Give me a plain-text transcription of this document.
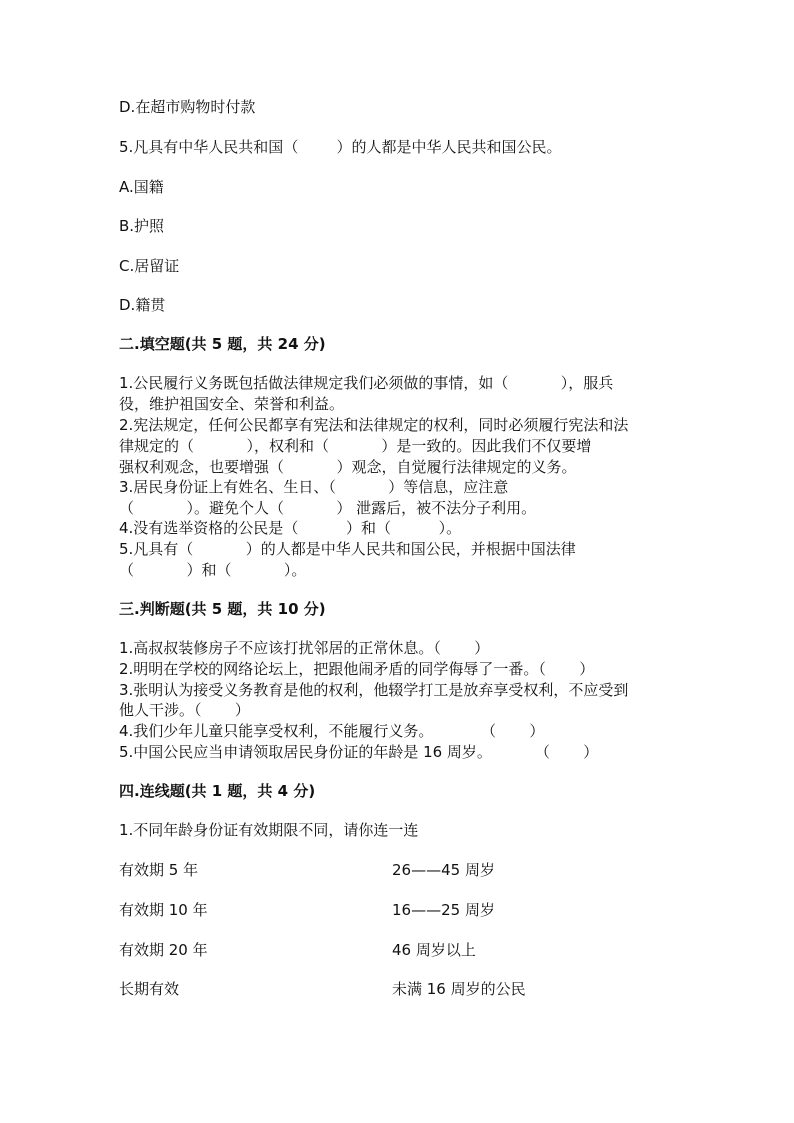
D.在超市购物时付款
5.凡具有中华人民共和国（        ）的人都是中华人民共和国公民。
A.国籍
B.护照
C.居留证
D.籍贯
二.填空题(共 5 题，共 24 分)
1.公民履行义务既包括做法律规定我们必须做的事情，如（           ），服兵
役，维护祖国安全、荣誉和利益。
2.宪法规定，任何公民都享有宪法和法律规定的权利，同时必须履行宪法和法
律规定的（           ），权利和（           ）是一致的。因此我们不仅要增
强权利观念，也要增强（           ）观念，自觉履行法律规定的义务。
3.居民身份证上有姓名、生日、（           ）等信息，应注意
（           ）。避免个人（           ） 泄露后，被不法分子利用。
4.没有选举资格的公民是（          ）和（          ）。
5.凡具有（           ）的人都是中华人民共和国公民，并根据中国法律
（           ）和（           ）。
三.判断题(共 5 题，共 10 分)
1.高叔叔装修房子不应该打扰邻居的正常休息。（       ）
2.明明在学校的网络论坛上，把跟他闹矛盾的同学侮辱了一番。（       ）
3.张明认为接受义务教育是他的权利，他辍学打工是放弃享受权利，不应受到
他人干涉。（       ）
4.我们少年儿童只能享受权利，不能履行义务。          （       ）
5.中国公民应当申请领取居民身份证的年龄是 16 周岁。         （       ）
四.连线题(共 1 题，共 4 分)
1.不同年龄身份证有效期限不同，请你连一连
有效期 5 年	26——45 周岁
有效期 10 年	16——25 周岁
有效期 20 年	46 周岁以上
长期有效	未满 16 周岁的公民
